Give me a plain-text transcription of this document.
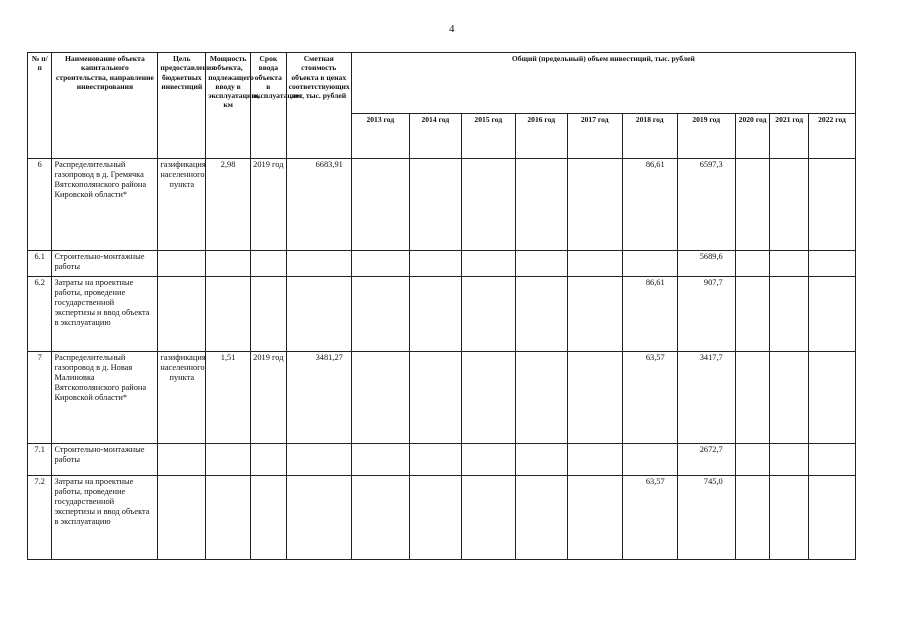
4
№ п/п	Наименование объекта капитального строительства, направление инвестирования	Цель предоставления бюджетных инвестиций	Мощность объекта, подлежащего вводу в эксплуатацию, км	Срок ввода объекта в эксплуатацию	Сметная стоимость объекта в ценах соответствующих лет, тыс. рублей	Общий (предельный) объем инвестиций, тыс. рублей									
						2013 год	2014 год	2015 год	2016 год	2017 год	2018 год	2019 год	2020 год	2021 год	2022 год
6	Распределительный газопровод в д. Гремячка Вятскополянского района Кировской области*	газификация населенного пункта	2,98	2019 год	6683,91						86,61	6597,3			
6.1	Строительно-монтажные работы											5689,6			
6.2	Затраты на проектные работы, проведение государственной экспертизы и ввод объекта в эксплуатацию										86,61	907,7			
7	Распределительный газопровод в д. Новая Малиновка Вятскополянского района Кировской области*	газификация населенного пункта	1,51	2019 год	3481,27						63,57	3417,7			
7.1	Строительно-монтажные работы											2672,7			
7.2	Затраты на проектные работы, проведение государственной экспертизы и ввод объекта в эксплуатацию										63,57	745,0			
